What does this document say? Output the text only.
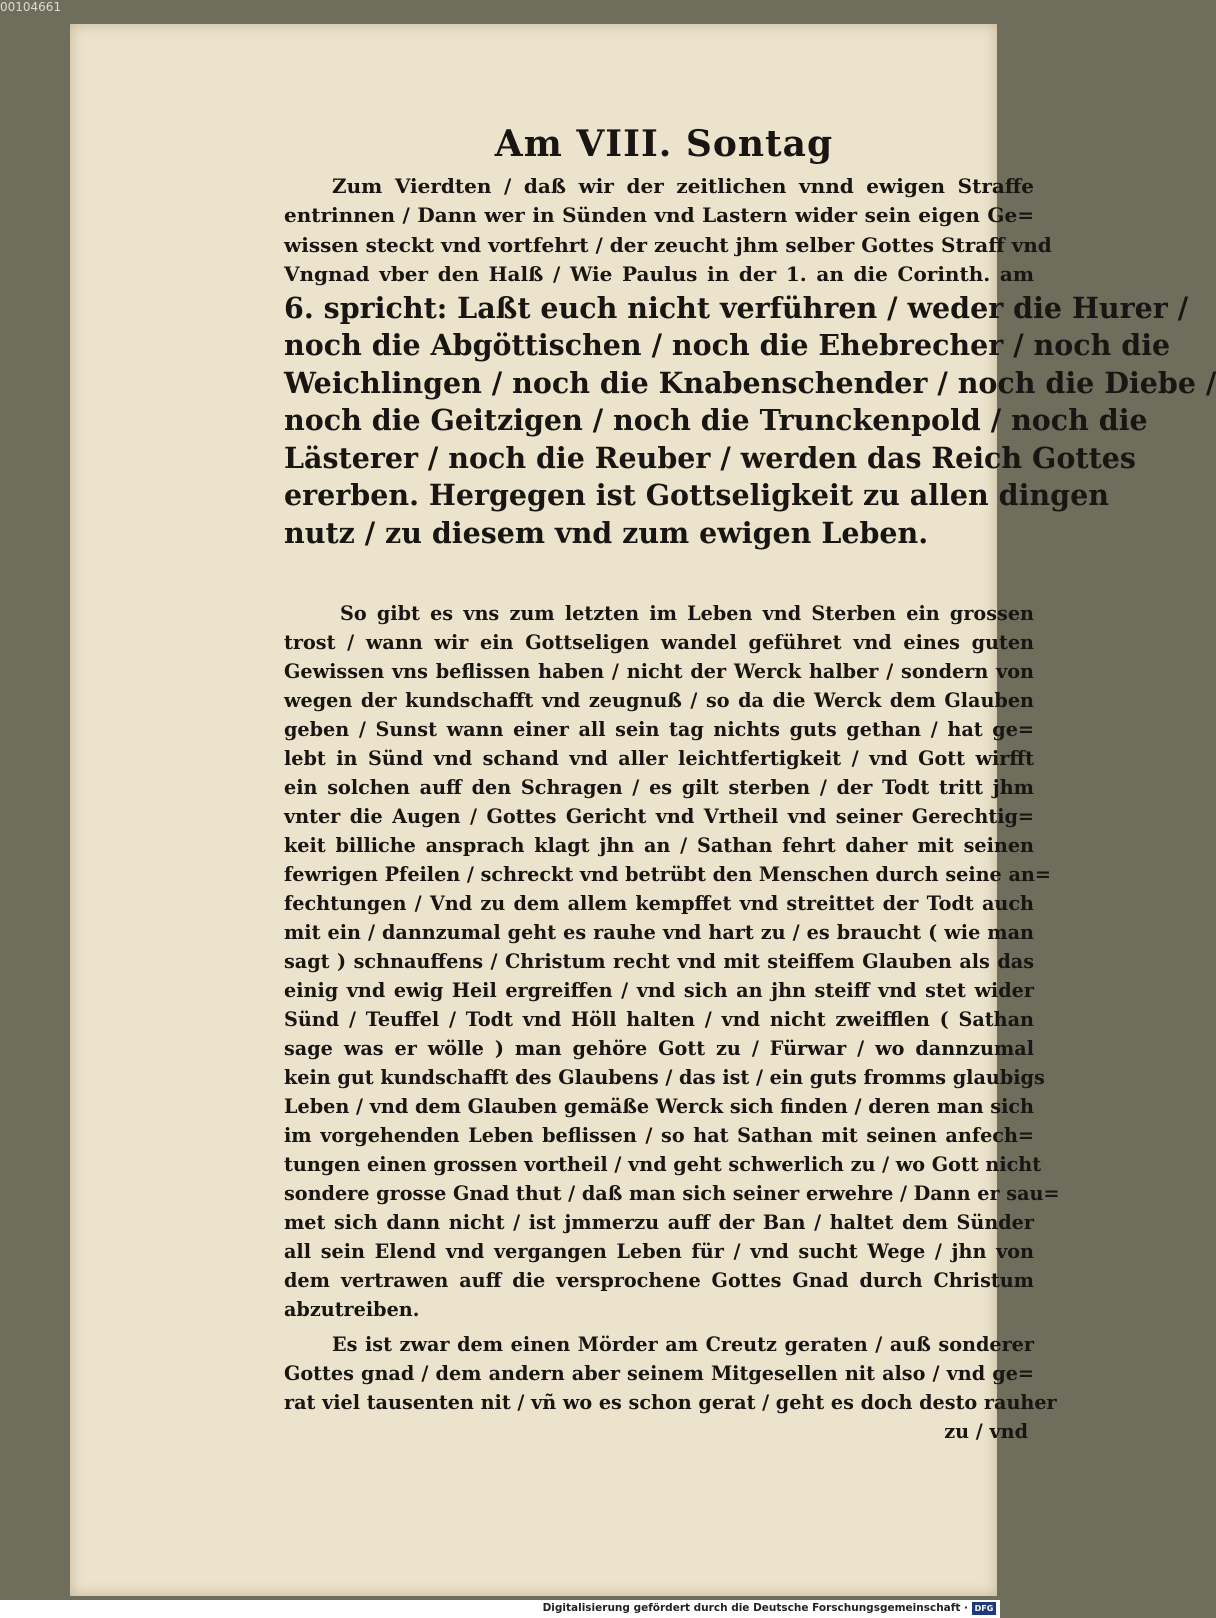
00104661
Am VIII. Sontag
Zum Vierdten / daß wir der zeitlichen vnnd ewigen Straffe
entrinnen / Dann wer in Sünden vnd Lastern wider sein eigen Ge=
wissen steckt vnd vortfehrt / der zeucht jhm selber Gottes Straff vnd
Vngnad vber den Halß / Wie Paulus in der 1. an die Corinth. am
6. spricht: Laßt euch nicht verführen / weder die Hurer /
noch die Abgöttischen / noch die Ehebrecher / noch die
Weichlingen / noch die Knabenschender / noch die Diebe /
noch die Geitzigen / noch die Trunckenpold / noch die
Lästerer / noch die Reuber / werden das Reich Gottes
ererben. Hergegen ist Gottseligkeit zu allen dingen
nutz / zu diesem vnd zum ewigen Leben.
So gibt es vns zum letzten im Leben vnd Sterben ein grossen
trost / wann wir ein Gottseligen wandel geführet vnd eines guten
Gewissen vns beflissen haben / nicht der Werck halber / sondern von
wegen der kundschafft vnd zeugnuß / so da die Werck dem Glauben
geben / Sunst wann einer all sein tag nichts guts gethan / hat ge=
lebt in Sünd vnd schand vnd aller leichtfertigkeit / vnd Gott wirfft
ein solchen auff den Schragen / es gilt sterben / der Todt tritt jhm
vnter die Augen / Gottes Gericht vnd Vrtheil vnd seiner Gerechtig=
keit billiche ansprach klagt jhn an / Sathan fehrt daher mit seinen
fewrigen Pfeilen / schreckt vnd betrübt den Menschen durch seine an=
fechtungen / Vnd zu dem allem kempffet vnd streittet der Todt auch
mit ein / dannzumal geht es rauhe vnd hart zu / es braucht ( wie man
sagt ) schnauffens / Christum recht vnd mit steiffem Glauben als das
einig vnd ewig Heil ergreiffen / vnd sich an jhn steiff vnd stet wider
Sünd / Teuffel / Todt vnd Höll halten / vnd nicht zweifflen ( Sathan
sage was er wölle ) man gehöre Gott zu / Fürwar / wo dannzumal
kein gut kundschafft des Glaubens / das ist / ein guts fromms glaubigs
Leben / vnd dem Glauben gemäße Werck sich finden / deren man sich
im vorgehenden Leben beflissen / so hat Sathan mit seinen anfech=
tungen einen grossen vortheil / vnd geht schwerlich zu / wo Gott nicht
sondere grosse Gnad thut / daß man sich seiner erwehre / Dann er sau=
met sich dann nicht / ist jmmerzu auff der Ban / haltet dem Sünder
all sein Elend vnd vergangen Leben für / vnd sucht Wege / jhn von
dem vertrawen auff die versprochene Gottes Gnad durch Christum
abzutreiben.
Es ist zwar dem einen Mörder am Creutz geraten / auß sonderer
Gottes gnad / dem andern aber seinem Mitgesellen nit also / vnd ge=
rat viel tausenten nit / vñ wo es schon gerat / geht es doch desto rauher
zu / vnd
Digitalisierung gefördert durch die Deutsche Forschungsgemeinschaft · DFG
